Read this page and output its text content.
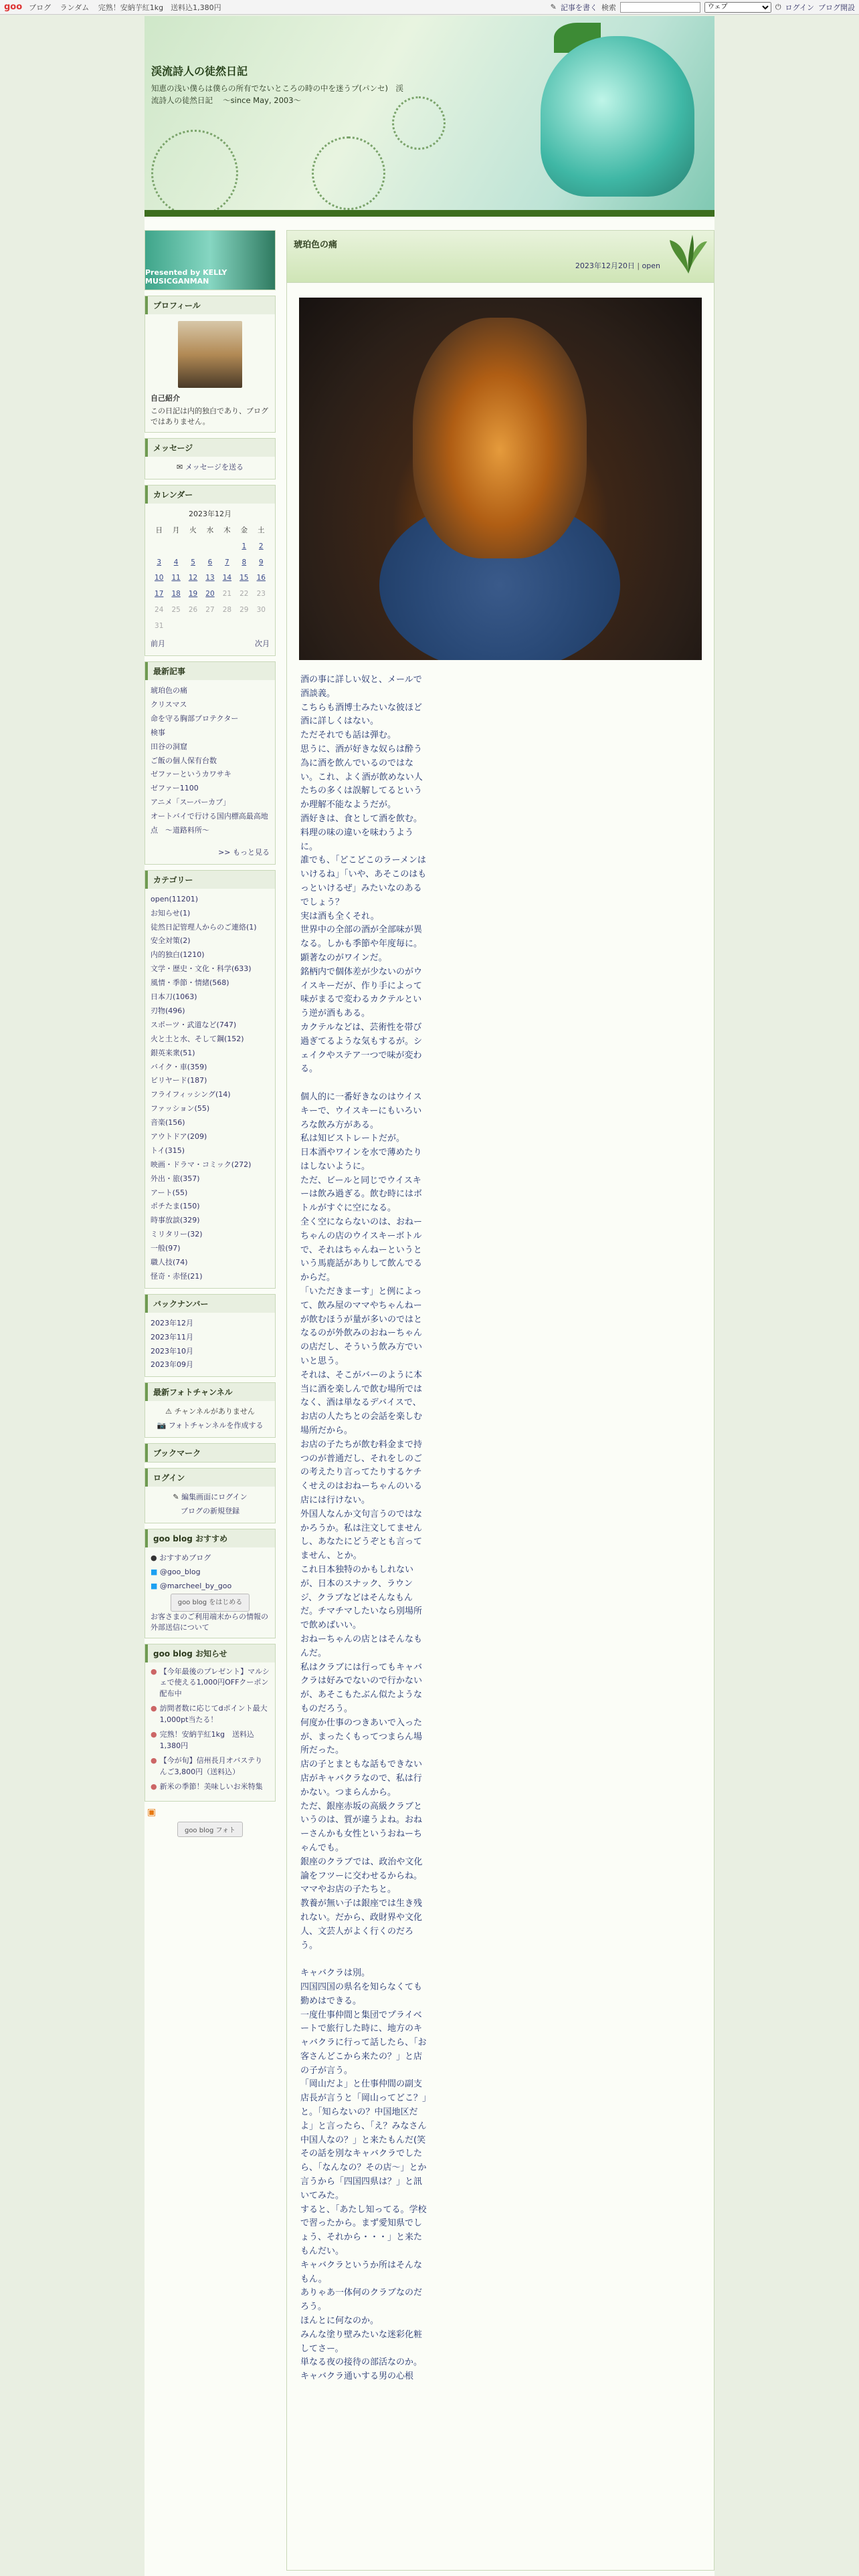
goo ブログ ランダム 完熟！安納芋紅1kg　送料込1,380円	✎ 記事を書く 検索
ウェブ	⏻ ログイン ブログ開設
渓流詩人の徒然日記
知恵の浅い僕らは僕らの所有でないところの時の中を迷うプ(パンセ)　渓流詩人の徒然日記　 ～since May, 2003～
Presented by KELLY MUSICGANMAN
プロフィール
自己紹介
この日記は内的独白であり、ブログではありません。
メッセージ
✉ メッセージを送る
カレンダー
2023年12月
日	月	火	水	木	金	土
					1	2
3	4	5	6	7	8	9
10	11	12	13	14	15	16
17	18	19	20	21	22	23
24	25	26	27	28	29	30
31						
前月	次月
最新記事
琥珀色の痛
クリスマス
命を守る胸部プロテクター
検事
田谷の洞窟
ご飯の個人保有台数
ゼファーというカワサキ
ゼファー1100
アニメ「スーパーカブ」
オートバイで行ける国内標高最高地点　～道路料所～
>> もっと見る
カテゴリー
open(11201)
お知らせ(1)
徒然日記管理人からのご連絡(1)
安全対策(2)
内的独白(1210)
文学・歴史・文化・科学(633)
風情・季節・情緒(568)
日本刀(1063)
刃物(496)
スポーツ・武道など(747)
火と土と水、そして鋼(152)
銀英来衆(51)
バイク・車(359)
ビリヤード(187)
フライフィッシング(14)
ファッション(55)
音楽(156)
アウトドア(209)
トイ(315)
映画・ドラマ・コミック(272)
外出・旅(357)
アート(55)
ポチたま(150)
時事放談(329)
ミリタリー(32)
一般(97)
職人技(74)
怪奇・赤怪(21)
バックナンバー
2023年12月
2023年11月
2023年10月
2023年09月
最新フォトチャンネル
⚠ チャンネルがありません
📷 フォトチャンネルを作成する
ブックマーク
ログイン
✎ 編集画面にログイン
ブログの新規登録
goo blog おすすめ
● おすすめブログ
■ @goo_blog
■ @marcheel_by_goo
goo blog をはじめる
お客さまのご利用端末からの情報の外部送信について
goo blog お知らせ
● 【今年最後のプレゼント】マルシェで使える1,000円OFFクーポン配布中
● 訪問者数に応じてdポイント最大1,000pt当たる！
● 完熟！安納芋紅1kg　送料込1,380円
● 【今が旬】信州長月オバステりんご3,800円（送料込）
● 新米の季節！美味しいお米特集
▣
goo blog フォト
琥珀色の痛
2023年12月20日 | open
酒の事に詳しい奴と、メールで酒談義。
こちらも酒博士みたいな彼ほど酒に詳しくはない。
ただそれでも話は弾む。
思うに、酒が好きな奴らは酔う為に酒を飲んでいるのではない。これ、よく酒が飲めない人たちの多くは誤解してるというか理解不能なようだが。
酒好きは、食として酒を飲む。料理の味の違いを味わうように。
誰でも、「どこどこのラーメンはいけるね」「いや、あそこのはもっといけるぜ」みたいなのあるでしょう？
実は酒も全くそれ。
世界中の全部の酒が全部味が異なる。しかも季節や年度毎に。
顕著なのがワインだ。
銘柄内で個体差が少ないのがウイスキーだが、作り手によって味がまるで変わるカクテルという逆が酒もある。
カクテルなどは、芸術性を帯び過ぎてるような気もするが。シェイクやステア一つで味が変わる。

個人的に一番好きなのはウイスキーで、ウイスキーにもいろいろな飲み方がある。
私は知ビストレートだが。
日本酒やワインを水で薄めたりはしないように。
ただ、ビールと同じでウイスキーは飲み過ぎる。飲む時にはボトルがすぐに空になる。
全く空にならないのは、おねーちゃんの店のウイスキーボトルで、それはちゃんねーというという馬鹿話がありして飲んでるからだ。
「いただきまーす」と例によって、飲み屋のママやちゃんねーが飲むほうが量が多いのではとなるのが外飲みのおねーちゃんの店だし、そういう飲み方でいいと思う。
それは、そこがバーのように本当に酒を楽しんで飲む場所ではなく、酒は単なるデバイスで、お店の人たちとの会話を楽しむ場所だから。
お店の子たちが飲む料金まで持つのが普通だし、それをしのごの考えたり言ってたりするケチくせえのはおねーちゃんのいる店には行けない。
外国人なんか文句言うのではなかろうか。私は注文してませんし、あなたにどうぞとも言ってません、とか。
これ日本独特のかもしれないが、日本のスナック、ラウンジ、クラブなどはそんなもんだ。チマチマしたいなら別場所で飲めばいい。
おねーちゃんの店とはそんなもんだ。
私はクラブには行ってもキャバクラは好みでないので行かないが、あそこもたぶん似たようなものだろう。
何度か仕事のつきあいで入ったが、まったくもってつまらん場所だった。
店の子とまともな話もできない店がキャバクラなので、私は行かない。つまらんから。
ただ、銀座赤坂の高級クラブというのは、質が違うよね。おねーさんかも女性というおねーちゃんでも。
銀座のクラブでは、政治や文化論をフツーに交わせるからね。ママやお店の子たちと。
教養が無い子は銀座では生き残れない。だから、政財界や文化人、文芸人がよく行くのだろう。

キャバクラは別。
四国四国の県名を知らなくても勤めはできる。
一度仕事仲間と集団でプライベートで旅行した時に、地方のキャバクラに行って話したら、「お客さんどこから来たの？」と店の子が言う。
「岡山だよ」と仕事仲間の副支店長が言うと「岡山ってどこ？」と。「知らないの？中国地区だよ」と言ったら、「え？みなさん中国人なの？」と来たもんだ(笑
その話を別なキャバクラでしたら、「なんなの？その店～」とか言うから「四国四県は？」と訊いてみた。
すると、「あたし知ってる。学校で習ったから。まず愛知県でしょう、それから・・・」と来たもんだい。
キャバクラというか所はそんなもん。
ありゃあ一体何のクラブなのだろう。
ほんとに何なのか。
みんな塗り壁みたいな迷彩化粧してさー。
単なる夜の接待の部活なのか。
キャバクラ通いする男の心根
